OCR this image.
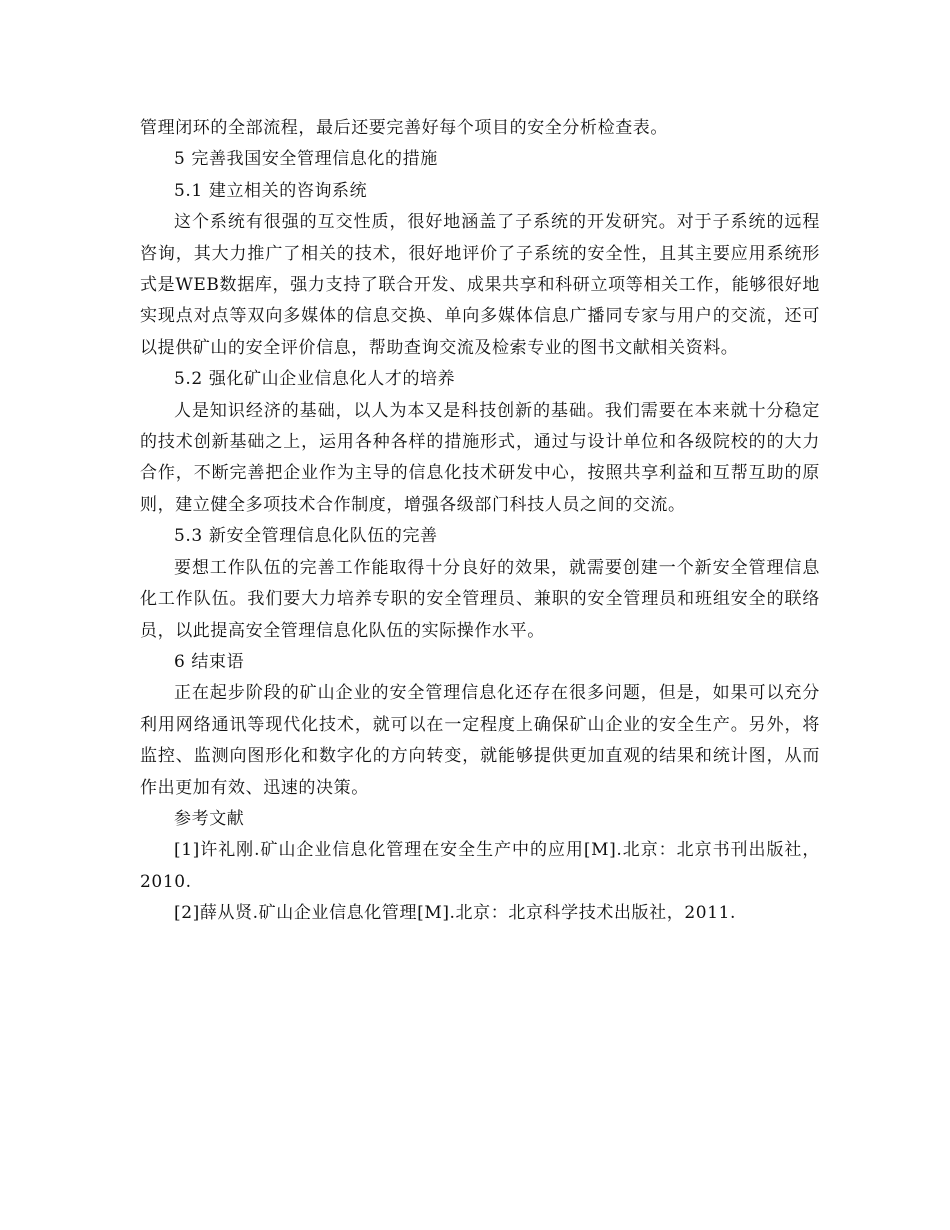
管理闭环的全部流程，最后还要完善好每个项目的安全分析检查表。

5 完善我国安全管理信息化的措施

5.1 建立相关的咨询系统

这个系统有很强的互交性质，很好地涵盖了子系统的开发研究。对于子系统的远程咨询，其大力推广了相关的技术，很好地评价了子系统的安全性，且其主要应用系统形式是WEB数据库，强力支持了联合开发、成果共享和科研立项等相关工作，能够很好地实现点对点等双向多媒体的信息交换、单向多媒体信息广播同专家与用户的交流，还可以提供矿山的安全评价信息，帮助查询交流及检索专业的图书文献相关资料。

5.2 强化矿山企业信息化人才的培养

人是知识经济的基础，以人为本又是科技创新的基础。我们需要在本来就十分稳定的技术创新基础之上，运用各种各样的措施形式，通过与设计单位和各级院校的的大力合作，不断完善把企业作为主导的信息化技术研发中心，按照共享利益和互帮互助的原则，建立健全多项技术合作制度，增强各级部门科技人员之间的交流。

5.3 新安全管理信息化队伍的完善

要想工作队伍的完善工作能取得十分良好的效果，就需要创建一个新安全管理信息化工作队伍。我们要大力培养专职的安全管理员、兼职的安全管理员和班组安全的联络员，以此提高安全管理信息化队伍的实际操作水平。

6 结束语

正在起步阶段的矿山企业的安全管理信息化还存在很多问题，但是，如果可以充分利用网络通讯等现代化技术，就可以在一定程度上确保矿山企业的安全生产。另外，将监控、监测向图形化和数字化的方向转变，就能够提供更加直观的结果和统计图，从而作出更加有效、迅速的决策。

参考文献

[1]许礼刚.矿山企业信息化管理在安全生产中的应用[M].北京：北京书刊出版社，2010.

[2]薛从贤.矿山企业信息化管理[M].北京：北京科学技术出版社，2011.
